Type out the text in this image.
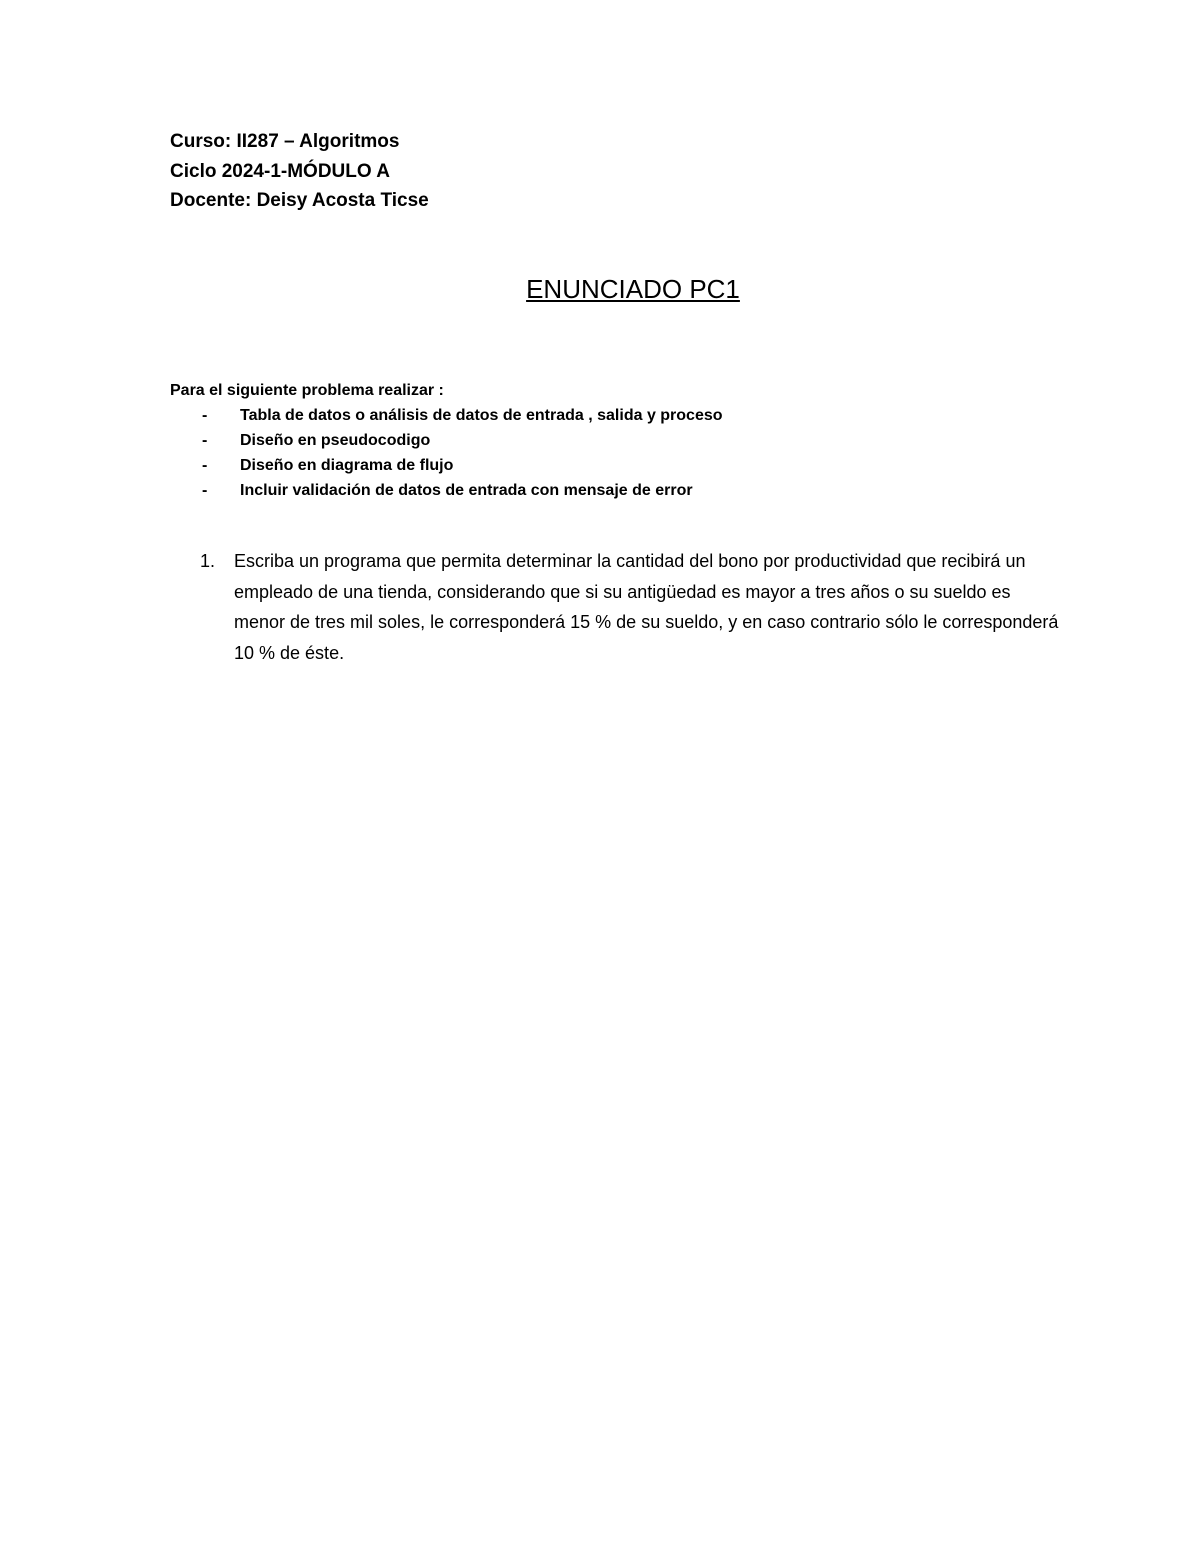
Curso: II287 – Algoritmos
Ciclo 2024-1-MÓDULO A
Docente: Deisy Acosta Ticse
ENUNCIADO PC1
Para el siguiente problema realizar :
- Tabla de datos o análisis de datos de entrada , salida y proceso
- Diseño en pseudocodigo
- Diseño en diagrama de flujo
- Incluir validación de datos de entrada con mensaje de error
1. Escriba un programa que permita determinar la cantidad del bono por productividad que recibirá un empleado de una tienda, considerando que si su antigüedad es mayor a tres años o su sueldo es menor de tres mil soles, le corresponderá 15 % de su sueldo, y en caso contrario sólo le corresponderá 10 % de éste.
